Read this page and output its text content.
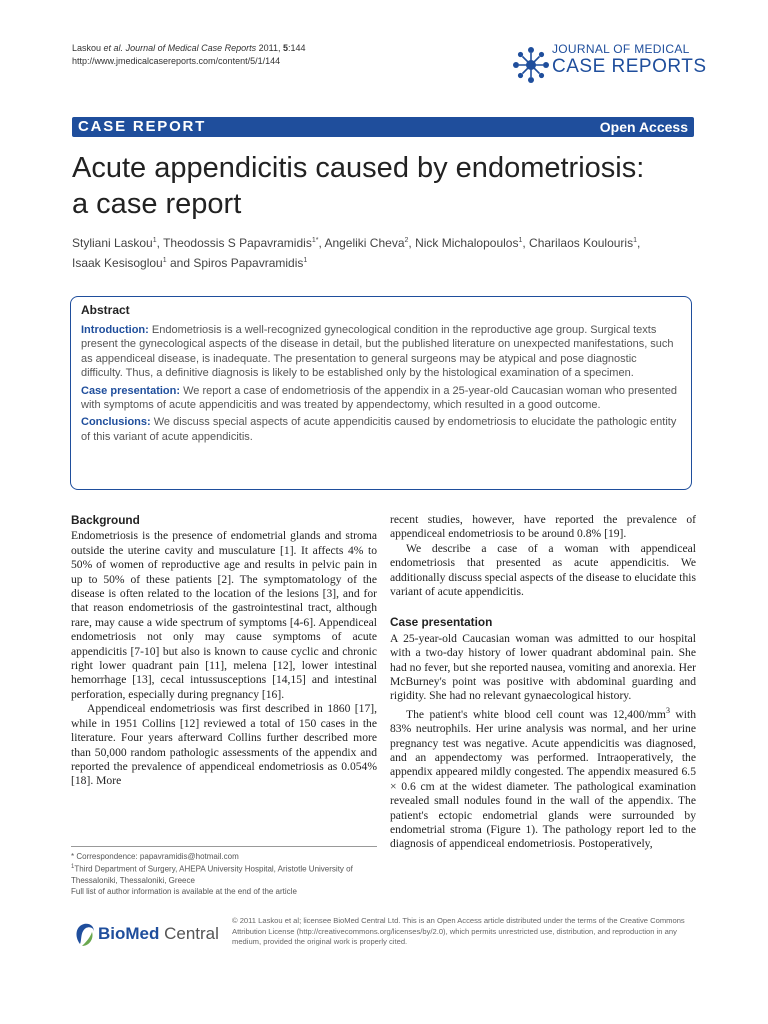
Laskou et al. Journal of Medical Case Reports 2011, 5:144
http://www.jmedicalcasereports.com/content/5/1/144
JOURNAL OF MEDICAL
CASE REPORTS
CASE REPORT	Open Access
Acute appendicitis caused by endometriosis:
a case report
Styliani Laskou$^1$, Theodossis S Papavramidis$^{1*}$, Angeliki Cheva$^2$, Nick Michalopoulos$^1$, Charilaos Koulouris$^1$,
Isaak Kesisoglou$^1$ and Spiros Papavramidis$^1$
Abstract
Introduction: Endometriosis is a well-recognized gynecological condition in the reproductive age group. Surgical texts present the gynecological aspects of the disease in detail, but the published literature on unexpected manifestations, such as appendiceal disease, is inadequate. The presentation to general surgeons may be atypical and pose diagnostic difficulty. Thus, a definitive diagnosis is likely to be established only by the histological examination of a specimen.
Case presentation: We report a case of endometriosis of the appendix in a 25-year-old Caucasian woman who presented with symptoms of acute appendicitis and was treated by appendectomy, which resulted in a good outcome.
Conclusions: We discuss special aspects of acute appendicitis caused by endometriosis to elucidate the pathologic entity of this variant of acute appendicitis.
Background

Endometriosis is the presence of endometrial glands and stroma outside the uterine cavity and musculature [1]. It affects 4% to 50% of women of reproductive age and results in pelvic pain in up to 50% of these patients [2]. The symptomatology of the disease is often related to the location of the lesions [3], and for that reason endometriosis of the gastrointestinal tract, although rare, may cause a wide spectrum of symptoms [4-6]. Appendiceal endometriosis not only may cause symptoms of acute appendicitis [7-10] but also is known to cause cyclic and chronic right lower quadrant pain [11], melena [12], lower intestinal hemorrhage [13], cecal intussusceptions [14,15] and intestinal perforation, especially during pregnancy [16].

Appendiceal endometriosis was first described in 1860 [17], while in 1951 Collins [12] reviewed a total of 150 cases in the literature. Four years afterward Collins further described more than 50,000 random pathologic assessments of the appendix and reported the prevalence of appendiceal endometriosis as 0.054% [18]. More

recent studies, however, have reported the prevalence of appendiceal endometriosis to be around 0.8% [19].

We describe a case of a woman with appendiceal endometriosis that presented as acute appendicitis. We additionally discuss special aspects of the disease to elucidate this variant of acute appendicitis.

Case presentation

A 25-year-old Caucasian woman was admitted to our hospital with a two-day history of lower quadrant abdominal pain. She had no fever, but she reported nausea, vomiting and anorexia. Her McBurney's point was positive with abdominal guarding and rigidity. She had no relevant gynaecological history.

The patient's white blood cell count was $12,400/mm^3$ with 83% neutrophils. Her urine analysis was normal, and her urine pregnancy test was negative. Acute appendicitis was diagnosed, and an appendectomy was performed. Intraoperatively, the appendix appeared mildly congested. The appendix measured 6.5 × 0.6 cm at the widest diameter. The pathological examination revealed small nodules found in the wall of the appendix. The patient's ectopic endometrial glands were surrounded by endometrial stroma (Figure 1). The pathology report led to the diagnosis of appendiceal endometriosis. Postoperatively,

* Correspondence: papavramidis@hotmail.com
$^1$Third Department of Surgery, AHEPA University Hospital, Aristotle University of Thessaloniki, Thessaloniki, Greece
Full list of author information is available at the end of the article
BioMed Central
© 2011 Laskou et al; licensee BioMed Central Ltd. This is an Open Access article distributed under the terms of the Creative Commons Attribution License (http://creativecommons.org/licenses/by/2.0), which permits unrestricted use, distribution, and reproduction in any medium, provided the original work is properly cited.
